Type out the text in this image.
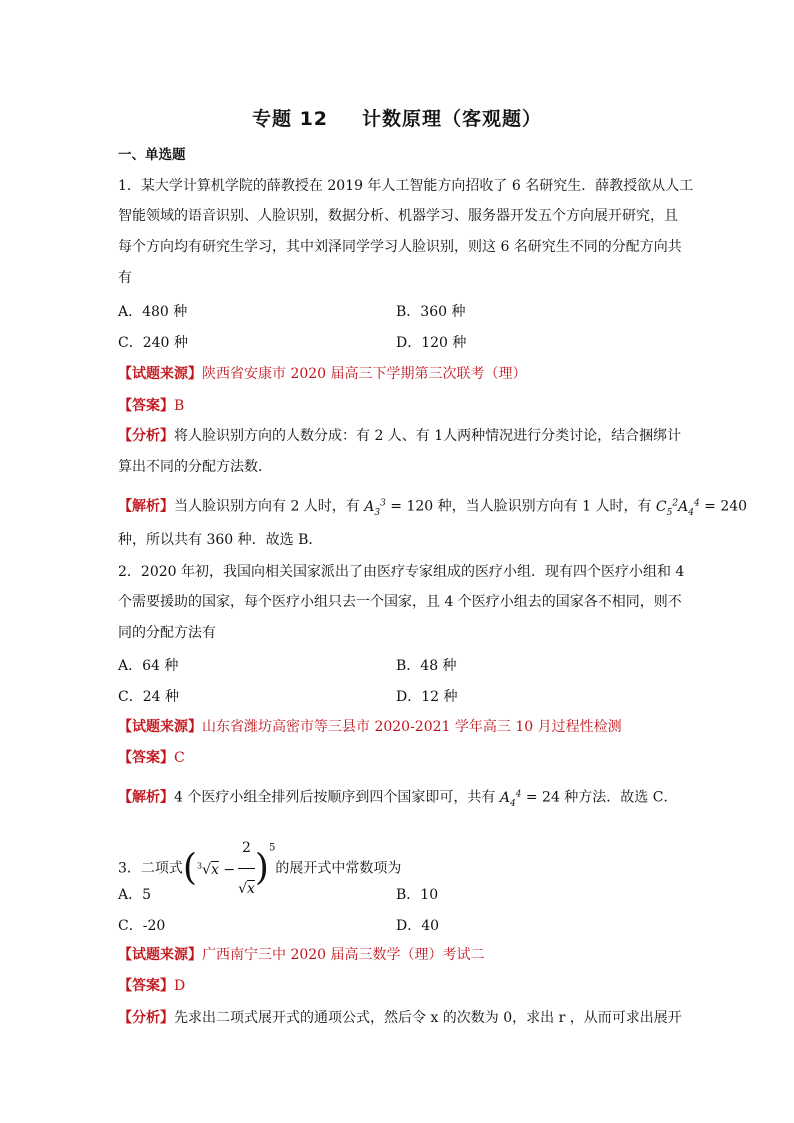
专题 12 计数原理（客观题）
一、单选题
1．某大学计算机学院的薛教授在 2019 年人工智能方向招收了 6 名研究生．薛教授欲从人工
智能领域的语音识别、人脸识别，数据分析、机器学习、服务器开发五个方向展开研究，且
每个方向均有研究生学习，其中刘泽同学学习人脸识别，则这 6 名研究生不同的分配方向共
有
A．480 种	B．360 种
C．240 种	D．120 种
【试题来源】陕西省安康市 2020 届高三下学期第三次联考（理）
【答案】B
【分析】将人脸识别方向的人数分成：有 2 人、有 1人两种情况进行分类讨论，结合捆绑计
算出不同的分配方法数．
【解析】当人脸识别方向有 2 人时，有 $A_3^3 = 120$ 种，当人脸识别方向有 1 人时，有 $C_5^2A_4^4 = 240$
种，所以共有 360 种．故选 B．
2．2020 年初，我国向相关国家派出了由医疗专家组成的医疗小组．现有四个医疗小组和 4
个需要援助的国家，每个医疗小组只去一个国家，且 4 个医疗小组去的国家各不相同，则不
同的分配方法有
A．64 种	B．48 种
C．24 种	D．12 种
【试题来源】山东省潍坊高密市等三县市 2020-2021 学年高三 10 月过程性检测
【答案】C
【解析】4 个医疗小组全排列后按顺序到四个国家即可，共有 $A_4^4 = 24$ 种方法．故选 C．
3．二项式$(^3√x - \frac{2}{√x} )^5$的展开式中常数项为
A．5	B．10
C．-20	D．40
【试题来源】广西南宁三中 2020 届高三数学（理）考试二
【答案】D
【分析】先求出二项式展开式的通项公式，然后令 x 的次数为 0，求出 r ，从而可求出展开
